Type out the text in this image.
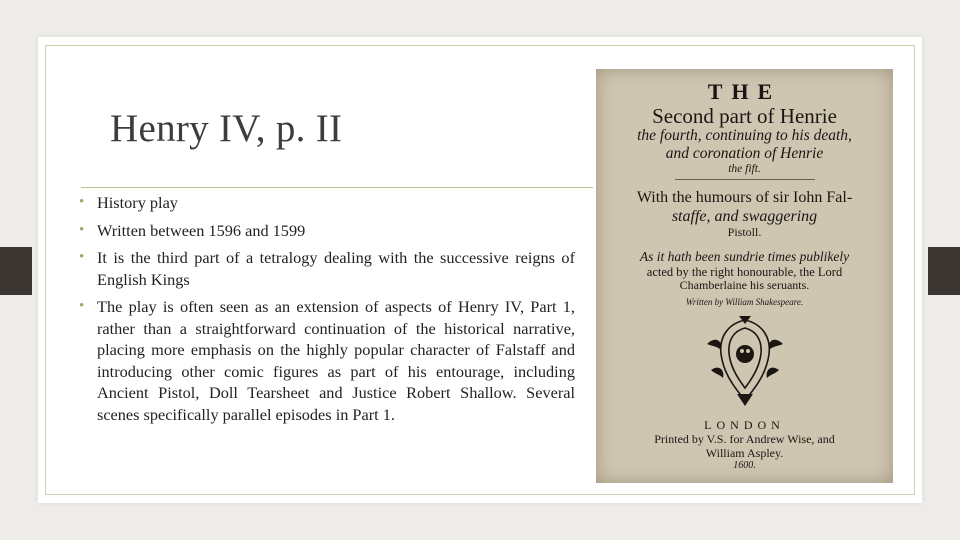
Henry IV, p. II
• History play
• Written between 1596 and 1599
• It is the third part of a tetralogy dealing with the successive reigns of English Kings
• The play is often seen as an extension of aspects of Henry IV, Part 1, rather than a straightforward continuation of the historical narrative, placing more emphasis on the highly popular character of Falstaff and introducing other comic figures as part of his entourage, including Ancient Pistol, Doll Tearsheet and Justice Robert Shallow. Several scenes specifically parallel episodes in Part 1.
THE
Second part of Henrie
the fourth, continuing to his death,
and coronation of Henrie
the fift.
With the humours of sir Iohn Fal-
staffe, and swaggering
Pistoll.
As it hath been sundrie times publikely
acted by the right honourable, the Lord
Chamberlaine his seruants.
Written by William Shakespeare.
LONDON
Printed by V.S. for Andrew Wise, and
William Aspley.
1600.
